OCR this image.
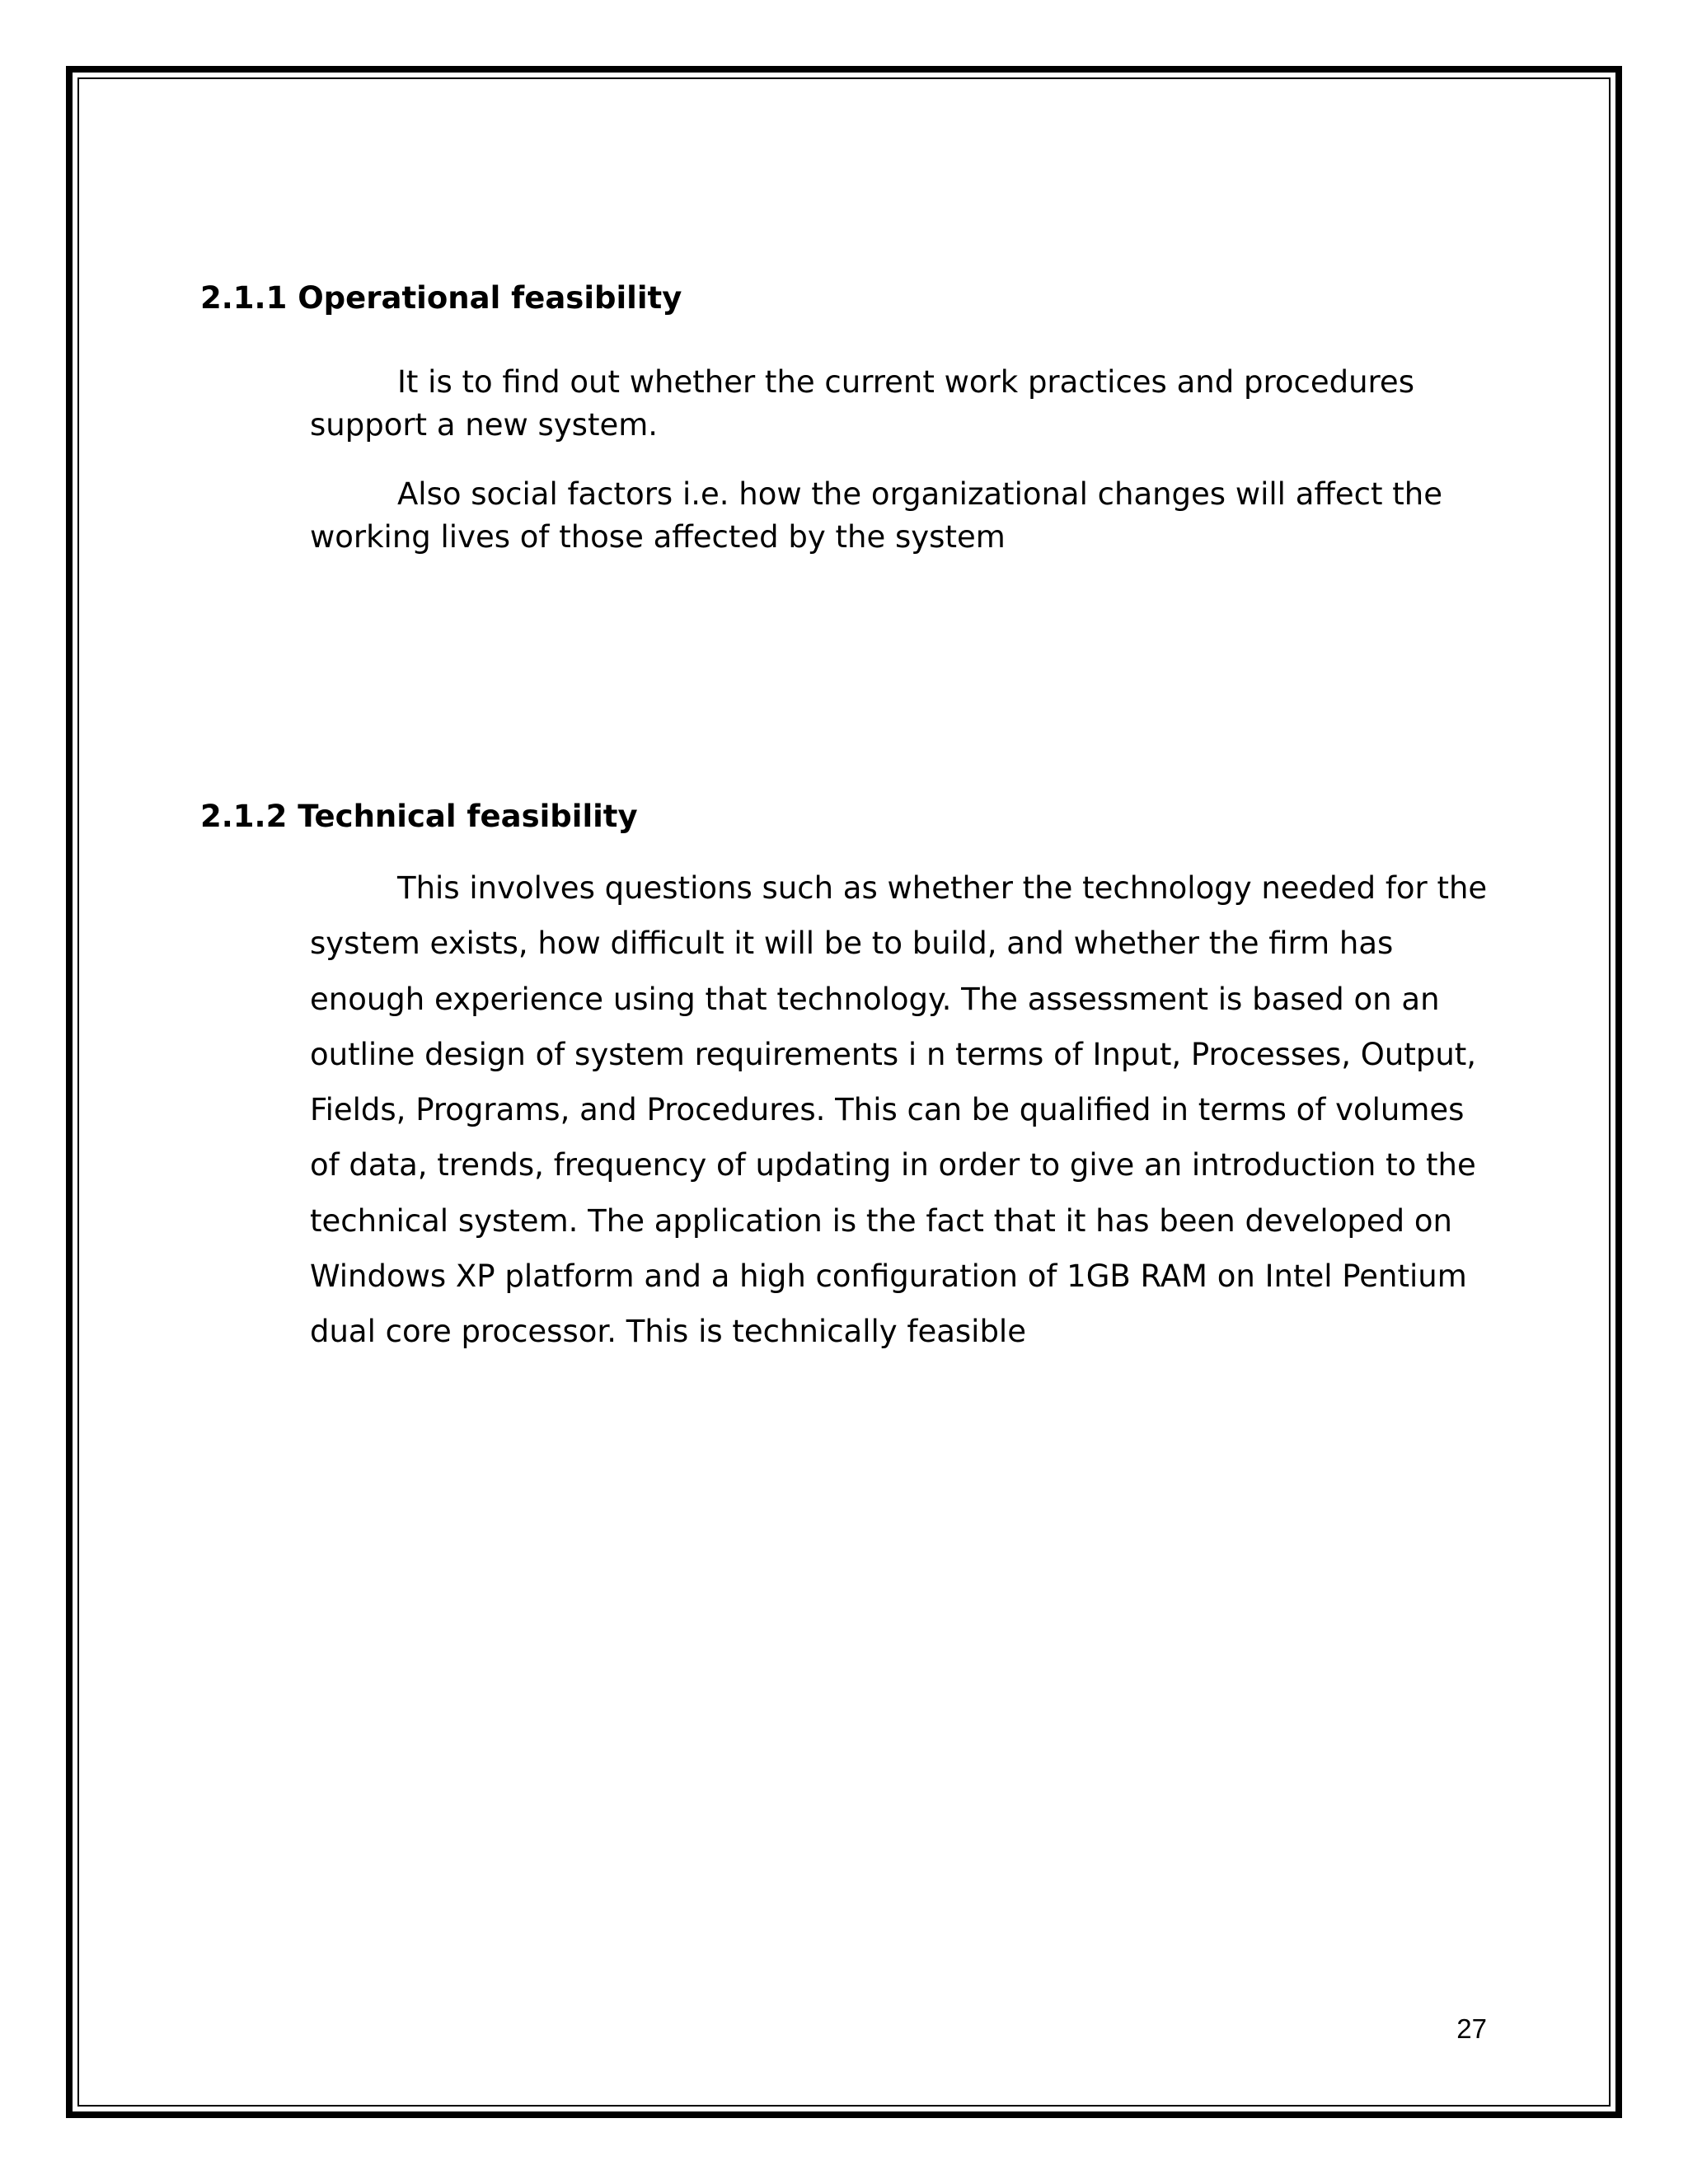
2.1.1 Operational feasibility

It is to find out whether the current work practices and procedures support a new system.

Also social factors i.e. how the organizational changes will affect the working lives of those affected by the system

2.1.2 Technical feasibility

This involves questions such as whether the technology needed for the system exists, how difficult it will be to build, and whether the firm has enough experience using that technology. The assessment is based on an outline design of system requirements i n terms of Input, Processes, Output, Fields, Programs, and Procedures. This can be qualified in terms of volumes of data, trends, frequency of updating in order to give an introduction to the technical system. The application is the fact that it has been developed on Windows XP platform and a high configuration of 1GB RAM on Intel Pentium dual core processor. This is technically feasible

27
